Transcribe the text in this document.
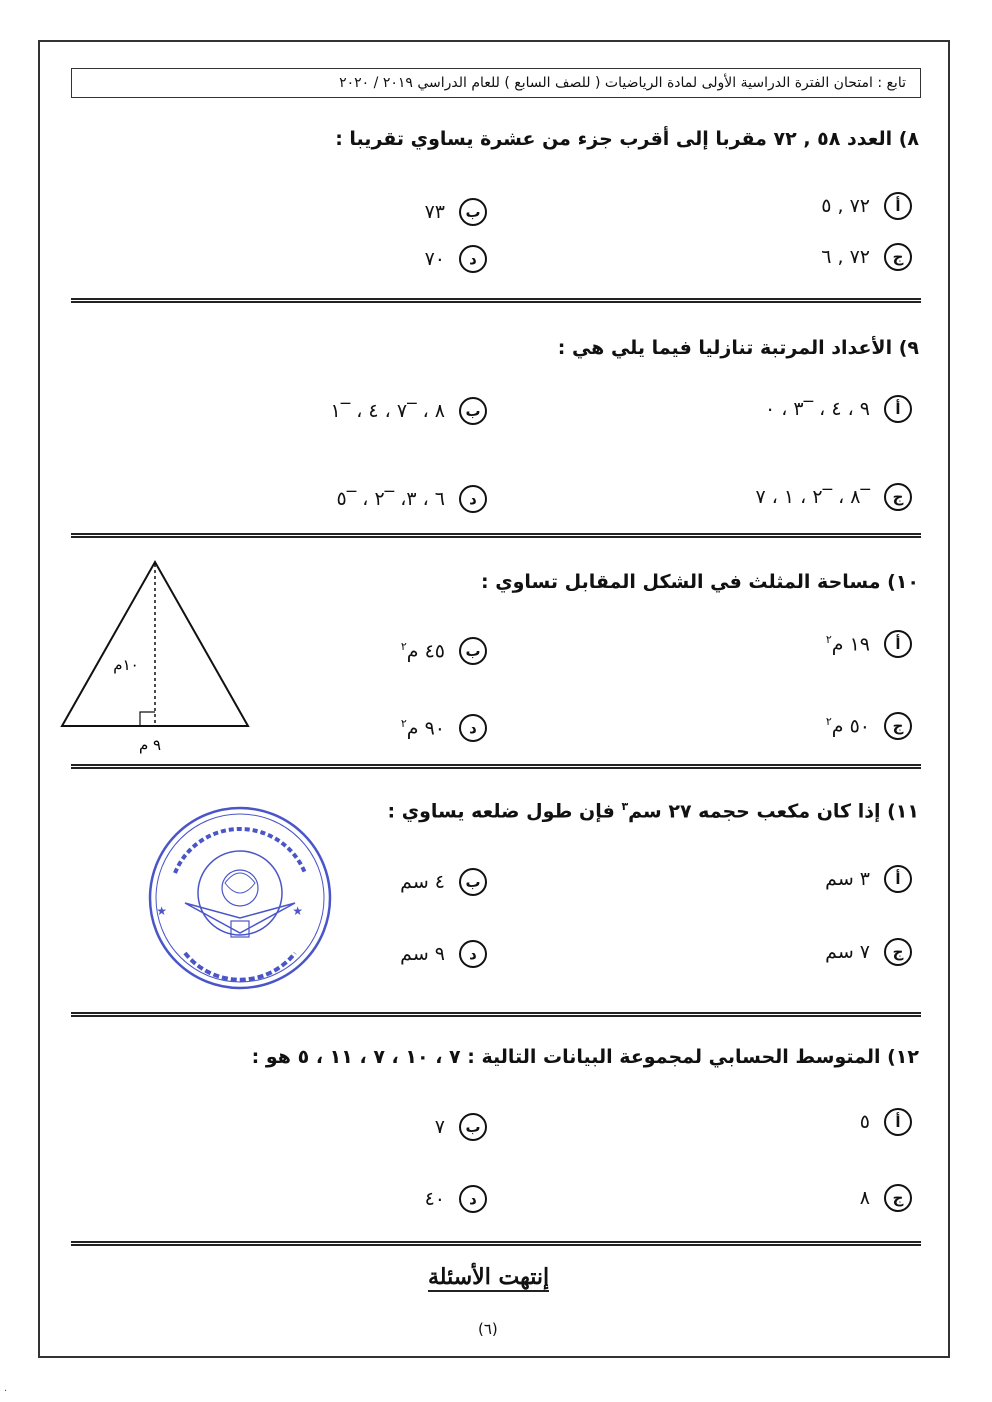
تابع : امتحان الفترة الدراسية الأولى لمادة الرياضيات ( للصف السابع ) للعام الدراسي ٢٠١٩ / ٢٠٢٠
٨) العدد ٥٨ , ٧٢ مقربا إلى أقرب جزء من عشرة يساوي تقريبا :
أ
٧٢ , ٥
ب
٧٣
ج
٧٢ , ٦
د
٧٠
٩) الأعداد المرتبة تنازليا فيما يلي هي :
أ
٩ ، ٤ ، ‾٣ ، ٠
ب
٨ ، ‾٧ ، ٤ ، ‾١
ج
‾٨ ، ‾٢ ، ١ ، ٧
د
٦ ، ٣، ‾٢ ، ‾٥
١٠) مساحة المثلث في الشكل المقابل تساوي :
أ
١٩ م$^٢$
ب
٤٥ م$^٢$
ج
٥٠ م$^٢$
د
٩٠ م$^٢$
١٠م
٩ م
١١) إذا كان مكعب حجمه ٢٧ سم$^٣$ فإن طول ضلعه يساوي :
أ
٣ سم
ب
٤ سم
ج
٧ سم
د
٩ سم
★	★
١٢) المتوسط الحسابي لمجموعة البيانات التالية : ٧ ، ١٠ ، ٧ ، ١١ ، ٥ هو :
أ
٥
ب
٧
ج
٨
د
٤٠
إنتهت الأسئلة
(٦)
·
